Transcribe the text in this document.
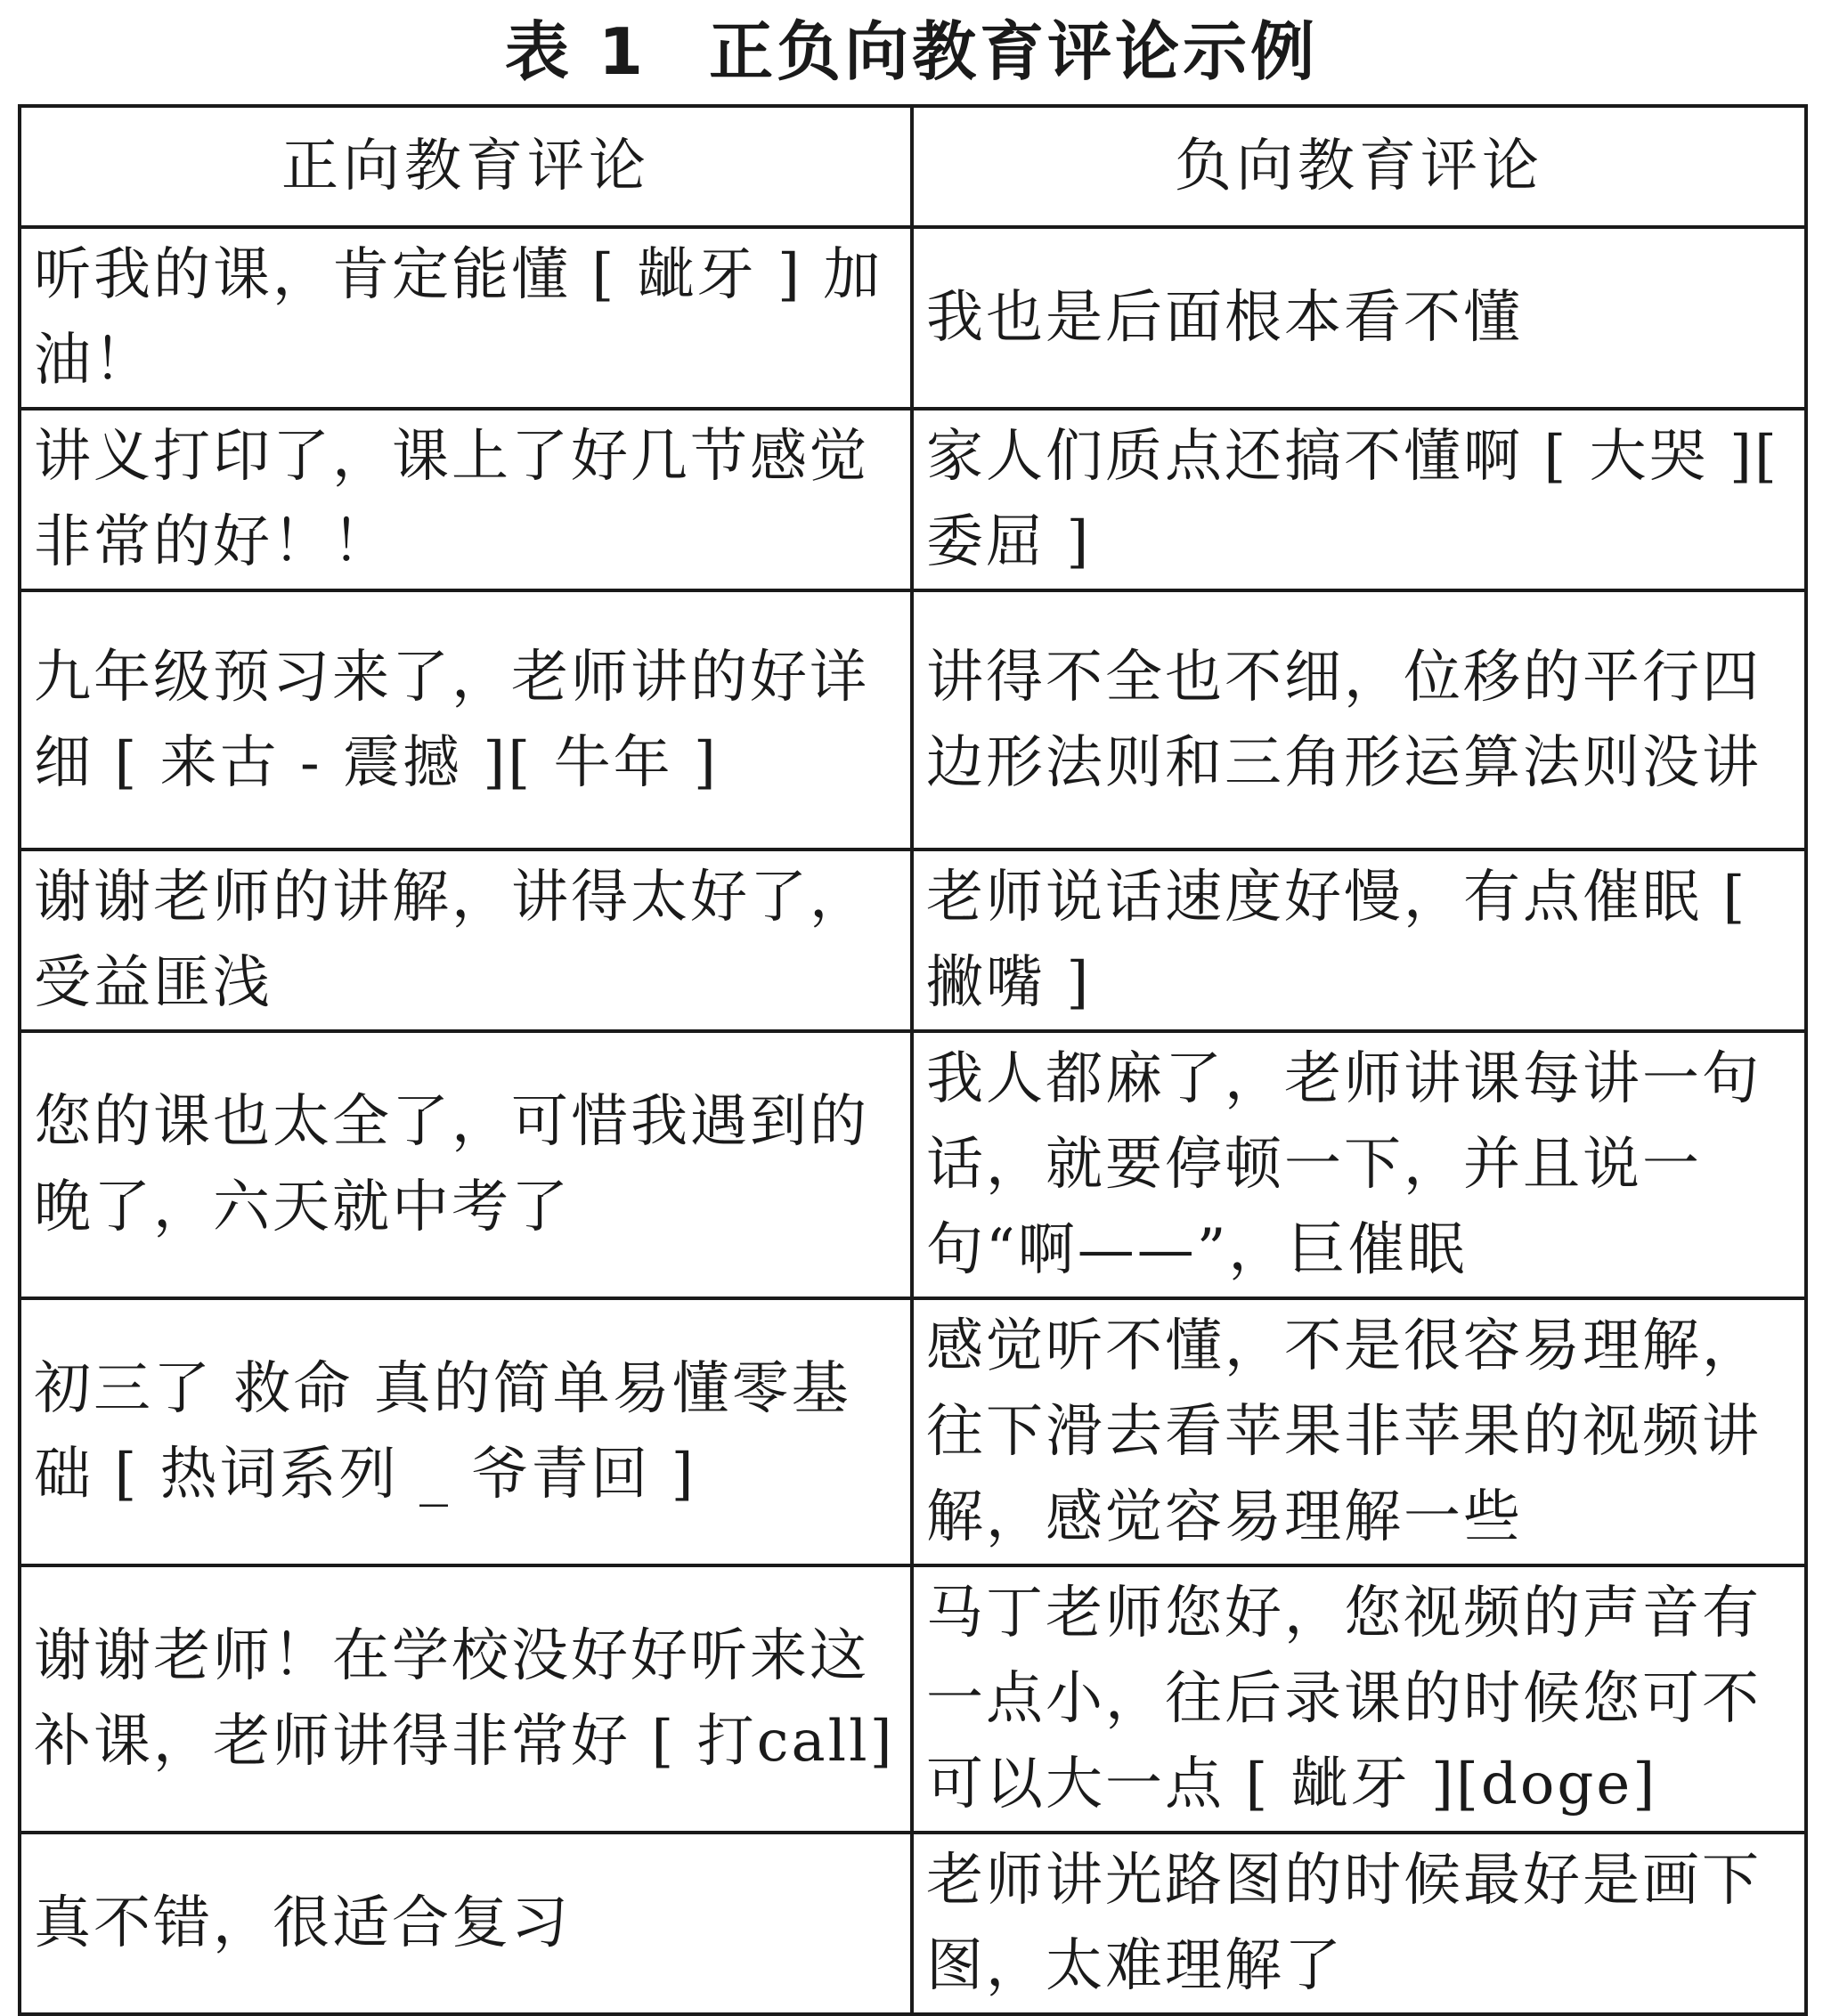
表 1 正负向教育评论示例
正向教育评论	负向教育评论
听我的课，肯定能懂 [ 龇牙 ] 加油！	我也是后面根本看不懂
讲义打印了，课上了好几节感觉非常的好！！	家人们质点还搞不懂啊 [ 大哭 ][ 委屈 ]
九年级预习来了，老师讲的好详细 [ 来古 - 震撼 ][ 牛年 ]	讲得不全也不细，位移的平行四边形法则和三角形运算法则没讲
谢谢老师的讲解，讲得太好了，受益匪浅	老师说话速度好慢，有点催眠 [ 撇嘴 ]
您的课也太全了，可惜我遇到的晚了，六天就中考了	我人都麻了，老师讲课每讲一句话，就要停顿一下，并且说一句“啊——”，巨催眠
初三了 救命 真的简单易懂零基础 [ 热词系列 _ 爷青回 ]	感觉听不懂，不是很容易理解，往下滑去看苹果非苹果的视频讲解，感觉容易理解一些
谢谢老师！在学校没好好听来这补课，老师讲得非常好 [ 打call]	马丁老师您好，您视频的声音有一点小，往后录课的时候您可不可以大一点 [ 龇牙 ][doge]
真不错，很适合复习	老师讲光路图的时候最好是画下图，太难理解了
